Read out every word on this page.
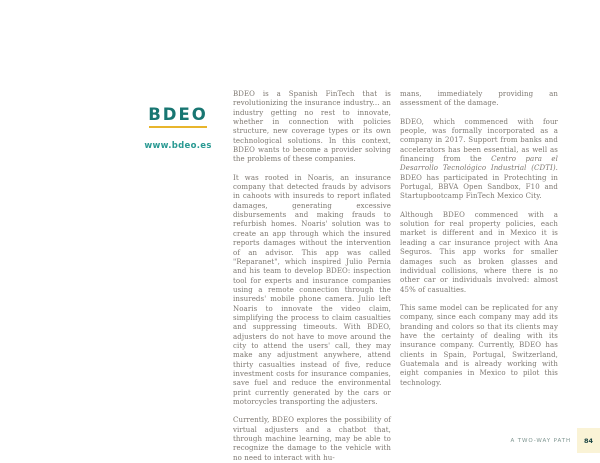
BDEO
www.bdeo.es

BDEO is a Spanish FinTech that is revolutionizing the insurance industry... an industry getting no rest to innovate, whether in connection with policies structure, new coverage types or its own technological solutions. In this context, BDEO wants to become a provider solving the problems of these companies.

It was rooted in Noaris, an insurance company that detected frauds by advisors in cahoots with insureds to report inflated damages, generating excessive disbursements and making frauds to refurbish homes. Noaris' solution was to create an app through which the insured reports damages without the intervention of an advisor. This app was called "Reparanet", which inspired Julio Pernia and his team to develop BDEO: inspection tool for experts and insurance companies using a remote connection through the insureds' mobile phone camera. Julio left Noaris to innovate the video claim, simplifying the process to claim casualties and suppressing timeouts. With BDEO, adjusters do not have to move around the city to attend the users' call, they may make any adjustment anywhere, attend thirty casualties instead of five, reduce investment costs for insurance companies, save fuel and reduce the environmental print currently generated by the cars or motorcycles transporting the adjusters.

Currently, BDEO explores the possibility of virtual adjusters and a chatbot that, through machine learning, may be able to recognize the damage to the vehicle with no need to interact with hu-

mans, immediately providing an assessment of the damage.

BDEO, which commenced with four people, was formally incorporated as a company in 2017. Support from banks and accelerators has been essential, as well as financing from the Centro para el Desarrollo Tecnológico Industrial (CDTI). BDEO has participated in Protechting in Portugal, BBVA Open Sandbox, F10 and Startupbootcamp FinTech Mexico City.

Although BDEO commenced with a solution for real property policies, each market is different and in Mexico it is leading a car insurance project with Ana Seguros. This app works for smaller damages such as broken glasses and individual collisions, where there is no other car or individuals involved: almost 45% of casualties.

This same model can be replicated for any company, since each company may add its branding and colors so that its clients may have the certainty of dealing with its insurance company. Currently, BDEO has clients in Spain, Portugal, Switzerland, Guatemala and is already working with eight companies in Mexico to pilot this technology.

A TWO-WAY PATH	84
